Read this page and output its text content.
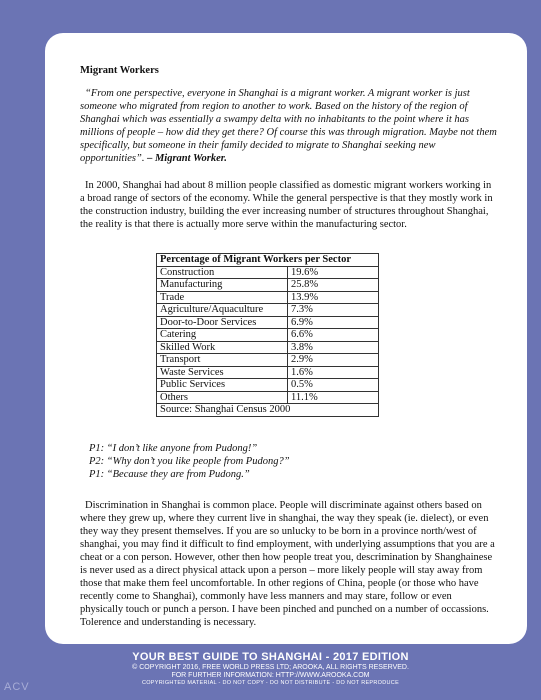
Migrant Workers

“From one perspective, everyone in Shanghai is a migrant worker. A migrant worker is just someone who migrated from region to another to work. Based on the history of the region of Shanghai which was essentially a swampy delta with no inhabitants to the point where it has millions of people – how did they get there? Of course this was through migration. Maybe not them specifically, but someone in their family decided to migrate to Shanghai seeking new opportunities”. – Migrant Worker.

In 2000, Shanghai had about 8 million people classified as domestic migrant workers working in a broad range of sectors of the economy. While the general perspective is that they mostly work in the construction industry, building the ever increasing number of structures throughout Shanghai, the reality is that there is actually more serve within the manufacturing sector.

Percentage of Migrant Workers per Sector	
Construction	19.6%
Manufacturing	25.8%
Trade	13.9%
Agriculture/Aquaculture	7.3%
Door-to-Door Services	6.9%
Catering	6.6%
Skilled Work	3.8%
Transport	2.9%
Waste Services	1.6%
Public Services	0.5%
Others	11.1%
Source: Shanghai Census 2000	
P1: “I don’t like anyone from Pudong!”
P2: “Why don’t you like people from Pudong?”
P1: “Because they are from Pudong.”

Discrimination in Shanghai is common place. People will discriminate against others based on where they grew up, where they current live in shanghai, the way they speak (ie. dielect), or even they way they present themselves. If you are so unlucky to be born in a province north/west of shanghai, you may find it difficult to find employment, with underlying assumptions that you are a cheat or a con person. However, other then how people treat you, descrimination by Shanghainese is never used as a direct physical attack upon a person – more likely people will stay away from those that make them feel uncomfortable. In other regions of China, people (or those who have recently come to Shanghai), commonly have less manners and may stare, follow or even physically touch or punch a person. I have been pinched and punched on a number of occassions. Tolerence and understanding is necessary.

YOUR BEST GUIDE TO SHANGHAI - 2017 EDITION
© COPYRIGHT 2016, FREE WORLD PRESS LTD; AROOKA, ALL RIGHTS RESERVED.
FOR FURTHER INFORMATION: HTTP://WWW.AROOKA.COM
COPYRIGHTED MATERIAL - DO NOT COPY - DO NOT DISTRIBUTE - DO NOT REPRODUCE
ACV
